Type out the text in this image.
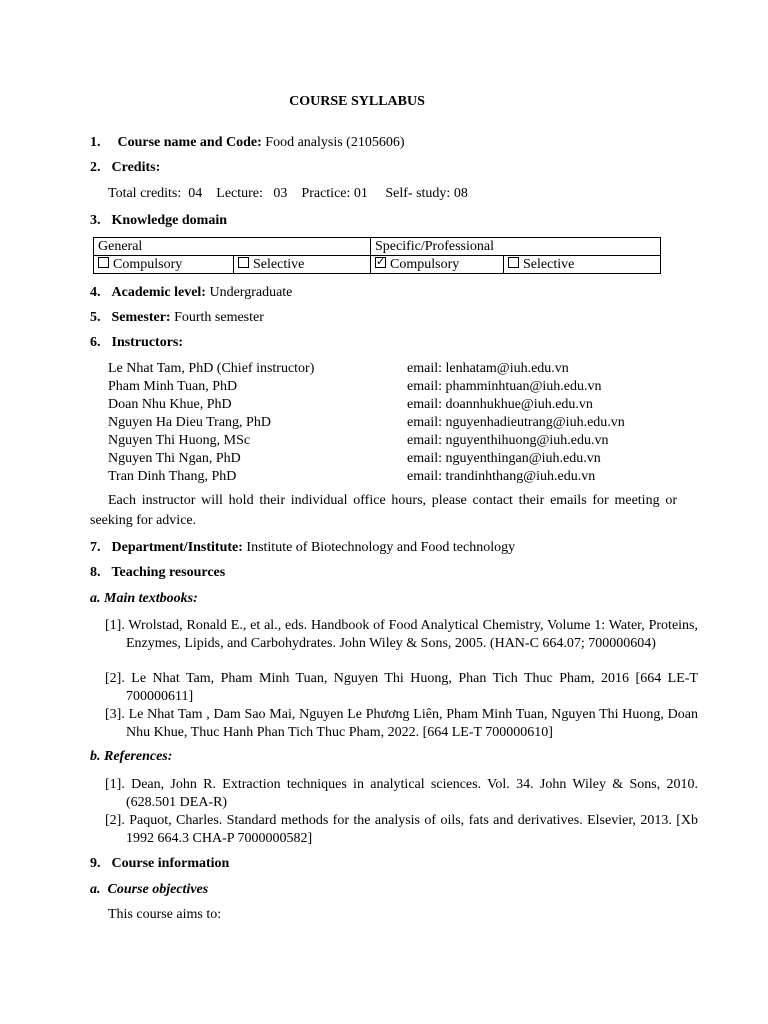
COURSE SYLLABUS
1. Course name and Code: Food analysis (2105606)
2. Credits:
Total credits:  04    Lecture:   03    Practice: 01     Self- study: 08
3. Knowledge domain
General		Specific/Professional	
Compulsory	Selective	✓Compulsory	Selective
4. Academic level: Undergraduate
5. Semester: Fourth semester
6. Instructors:
Le Nhat Tam, PhD (Chief instructor)	email: lenhatam@iuh.edu.vn
Pham Minh Tuan, PhD	email: phamminhtuan@iuh.edu.vn
Doan Nhu Khue, PhD	email: doannhukhue@iuh.edu.vn
Nguyen Ha Dieu Trang, PhD	email: nguyenhadieutrang@iuh.edu.vn
Nguyen Thi Huong, MSc	email: nguyenthihuong@iuh.edu.vn
Nguyen Thi Ngan, PhD	email: nguyenthingan@iuh.edu.vn
Tran Dinh Thang, PhD	email: trandinhthang@iuh.edu.vn
Each instructor will hold their individual office hours, please contact their emails for meeting or seeking for advice.
7. Department/Institute: Institute of Biotechnology and Food technology
8. Teaching resources
a. Main textbooks:
[1]. Wrolstad, Ronald E., et al., eds. Handbook of Food Analytical Chemistry, Volume 1: Water, Proteins, Enzymes, Lipids, and Carbohydrates. John Wiley & Sons, 2005. (HAN-C 664.07; 700000604)
[2]. Le Nhat Tam, Pham Minh Tuan, Nguyen Thi Huong, Phan Tich Thuc Pham, 2016 [664 LE-T 700000611]
[3]. Le Nhat Tam , Dam Sao Mai, Nguyen Le Phương Liên, Pham Minh Tuan, Nguyen Thi Huong, Doan Nhu Khue, Thuc Hanh Phan Tich Thuc Pham, 2022. [664 LE-T 700000610]
b. References:
[1]. Dean, John R. Extraction techniques in analytical sciences. Vol. 34. John Wiley & Sons, 2010. (628.501 DEA-R)
[2]. Paquot, Charles. Standard methods for the analysis of oils, fats and derivatives. Elsevier, 2013. [Xb 1992 664.3 CHA-P 7000000582]
9. Course information
a.  Course objectives
This course aims to:
